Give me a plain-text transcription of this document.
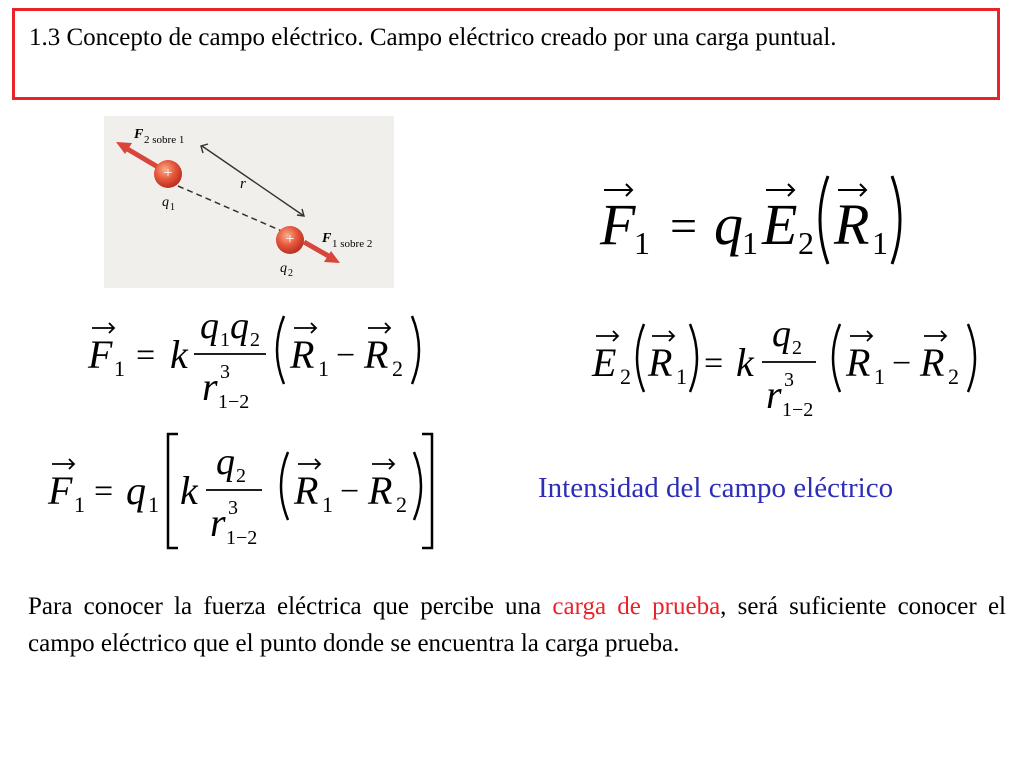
1.3 Concepto de campo eléctrico. Campo eléctrico creado por una carga puntual.
+
+
F 2 sobre 1
r
q 1
F 1 sobre 2
q 2
F
1 = q 1 E 2 R 1
F 1 = k
q 1 q 2
3
r 1−2
R 1 − R 2	E 2 R 1 = k
q 2
3
r 1−2
R 1 − R 2
F 1 = q 1 k
q 2
3
r 1−2
R 1 − R 2
Intensidad del campo eléctrico
Para conocer la fuerza eléctrica que percibe una carga de prueba, será suficiente conocer el campo eléctrico que el punto donde se encuentra la carga prueba.
